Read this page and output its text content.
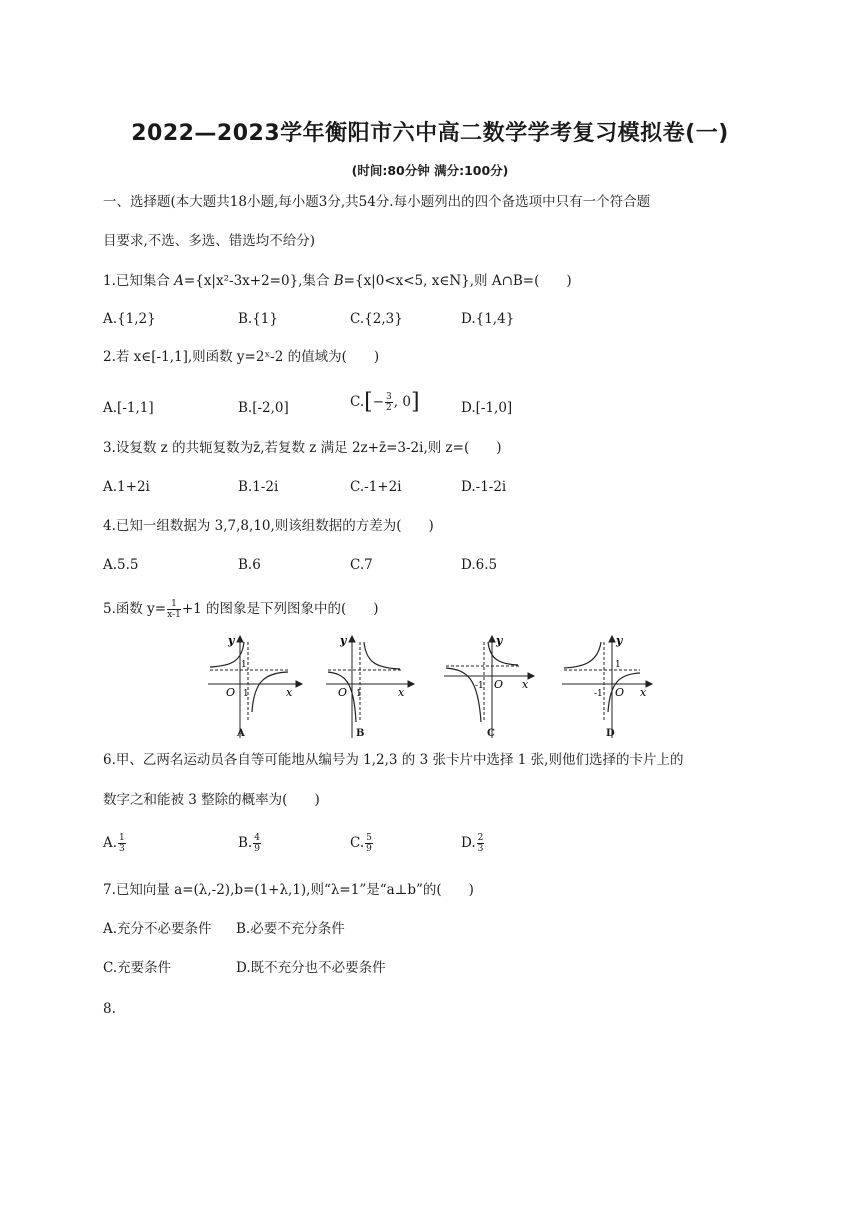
2022—2023学年衡阳市六中高二数学学考复习模拟卷(一)
(时间:80分钟 满分:100分)
一、选择题(本大题共18小题,每小题3分,共54分.每小题列出的四个备选项中只有一个符合题
目要求,不选、多选、错选均不给分)
1.已知集合 A={x|x²-3x+2=0},集合 B={x|0<x<5, x∈N},则 A∩B=(　　)
A.{1,2}	B.{1}	C.{2,3}	D.{1,4}
2.若 x∈[-1,1],则函数 y=2ˣ-2 的值域为(　　)
A.[-1,1]	B.[-2,0]	$C.[- \frac{3}{2}$ , 0]	D.[-1,0]
3.设复数 z 的共轭复数为z̄,若复数 z 满足 2z+z̄=3-2i,则 z=(　　)
A.1+2i	B.1-2i	C.-1+2i	D.-1-2i
4.已知一组数据为 3,7,8,10,则该组数据的方差为(　　)
A.5.5	B.6	C.7	D.6.5
5.函数 $y= \frac{1}{x-1} +1$ 的图象是下列图象中的(　　)
y
1
O 1	x
y
O 1	x
y
-1 O x
y
1
-1 O x
A	B	C	D
6.甲、乙两名运动员各自等可能地从编号为 1,2,3 的 3 张卡片中选择 1 张,则他们选择的卡片上的
数字之和能被 3 整除的概率为(　　)
A. $\frac{1}{3}$	B. $\frac{4}{9}$	C. $\frac{5}{9}$	D. $\frac{2}{3}$
7.已知向量 a=(λ,-2),b=(1+λ,1),则“λ=1”是“a⊥b”的(　　)
A.充分不必要条件 B.必要不充分条件
C.充要条件	D.既不充分也不必要条件
8.
